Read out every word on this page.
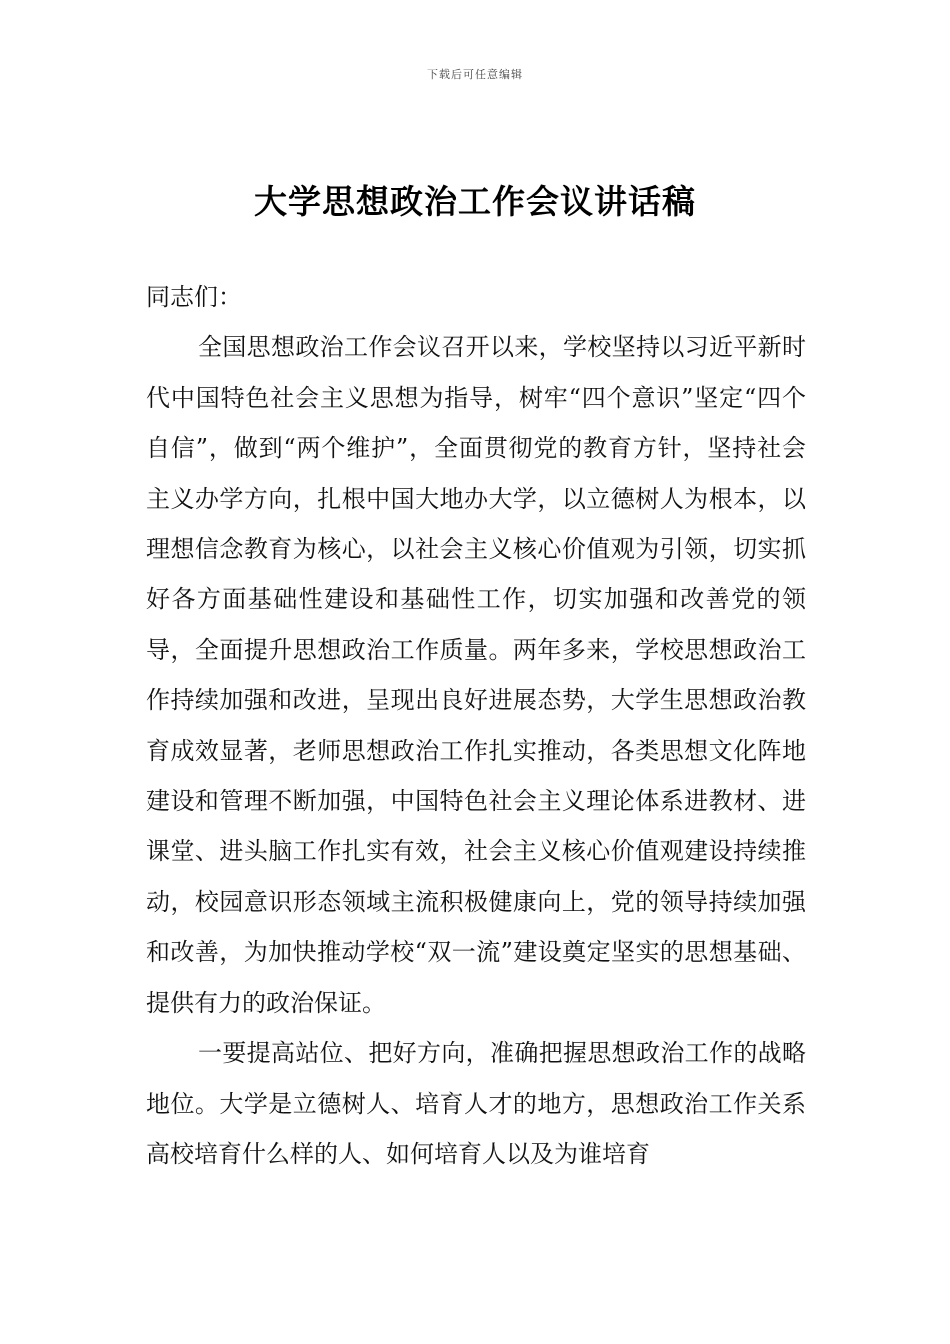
下载后可任意编辑
大学思想政治工作会议讲话稿

同志们：

全国思想政治工作会议召开以来，学校坚持以习近平新时代中国特色社会主义思想为指导，树牢“四个意识”坚定“四个自信”，做到“两个维护”，全面贯彻党的教育方针，坚持社会主义办学方向，扎根中国大地办大学，以立德树人为根本，以理想信念教育为核心，以社会主义核心价值观为引领，切实抓好各方面基础性建设和基础性工作，切实加强和改善党的领导，全面提升思想政治工作质量。两年多来，学校思想政治工作持续加强和改进，呈现出良好进展态势，大学生思想政治教育成效显著，老师思想政治工作扎实推动，各类思想文化阵地建设和管理不断加强，中国特色社会主义理论体系进教材、进课堂、进头脑工作扎实有效，社会主义核心价值观建设持续推动，校园意识形态领域主流积极健康向上，党的领导持续加强和改善，为加快推动学校“双一流”建设奠定坚实的思想基础、提供有力的政治保证。

一要提高站位、把好方向，准确把握思想政治工作的战略地位。大学是立德树人、培育人才的地方，思想政治工作关系高校培育什么样的人、如何培育人以及为谁培育
